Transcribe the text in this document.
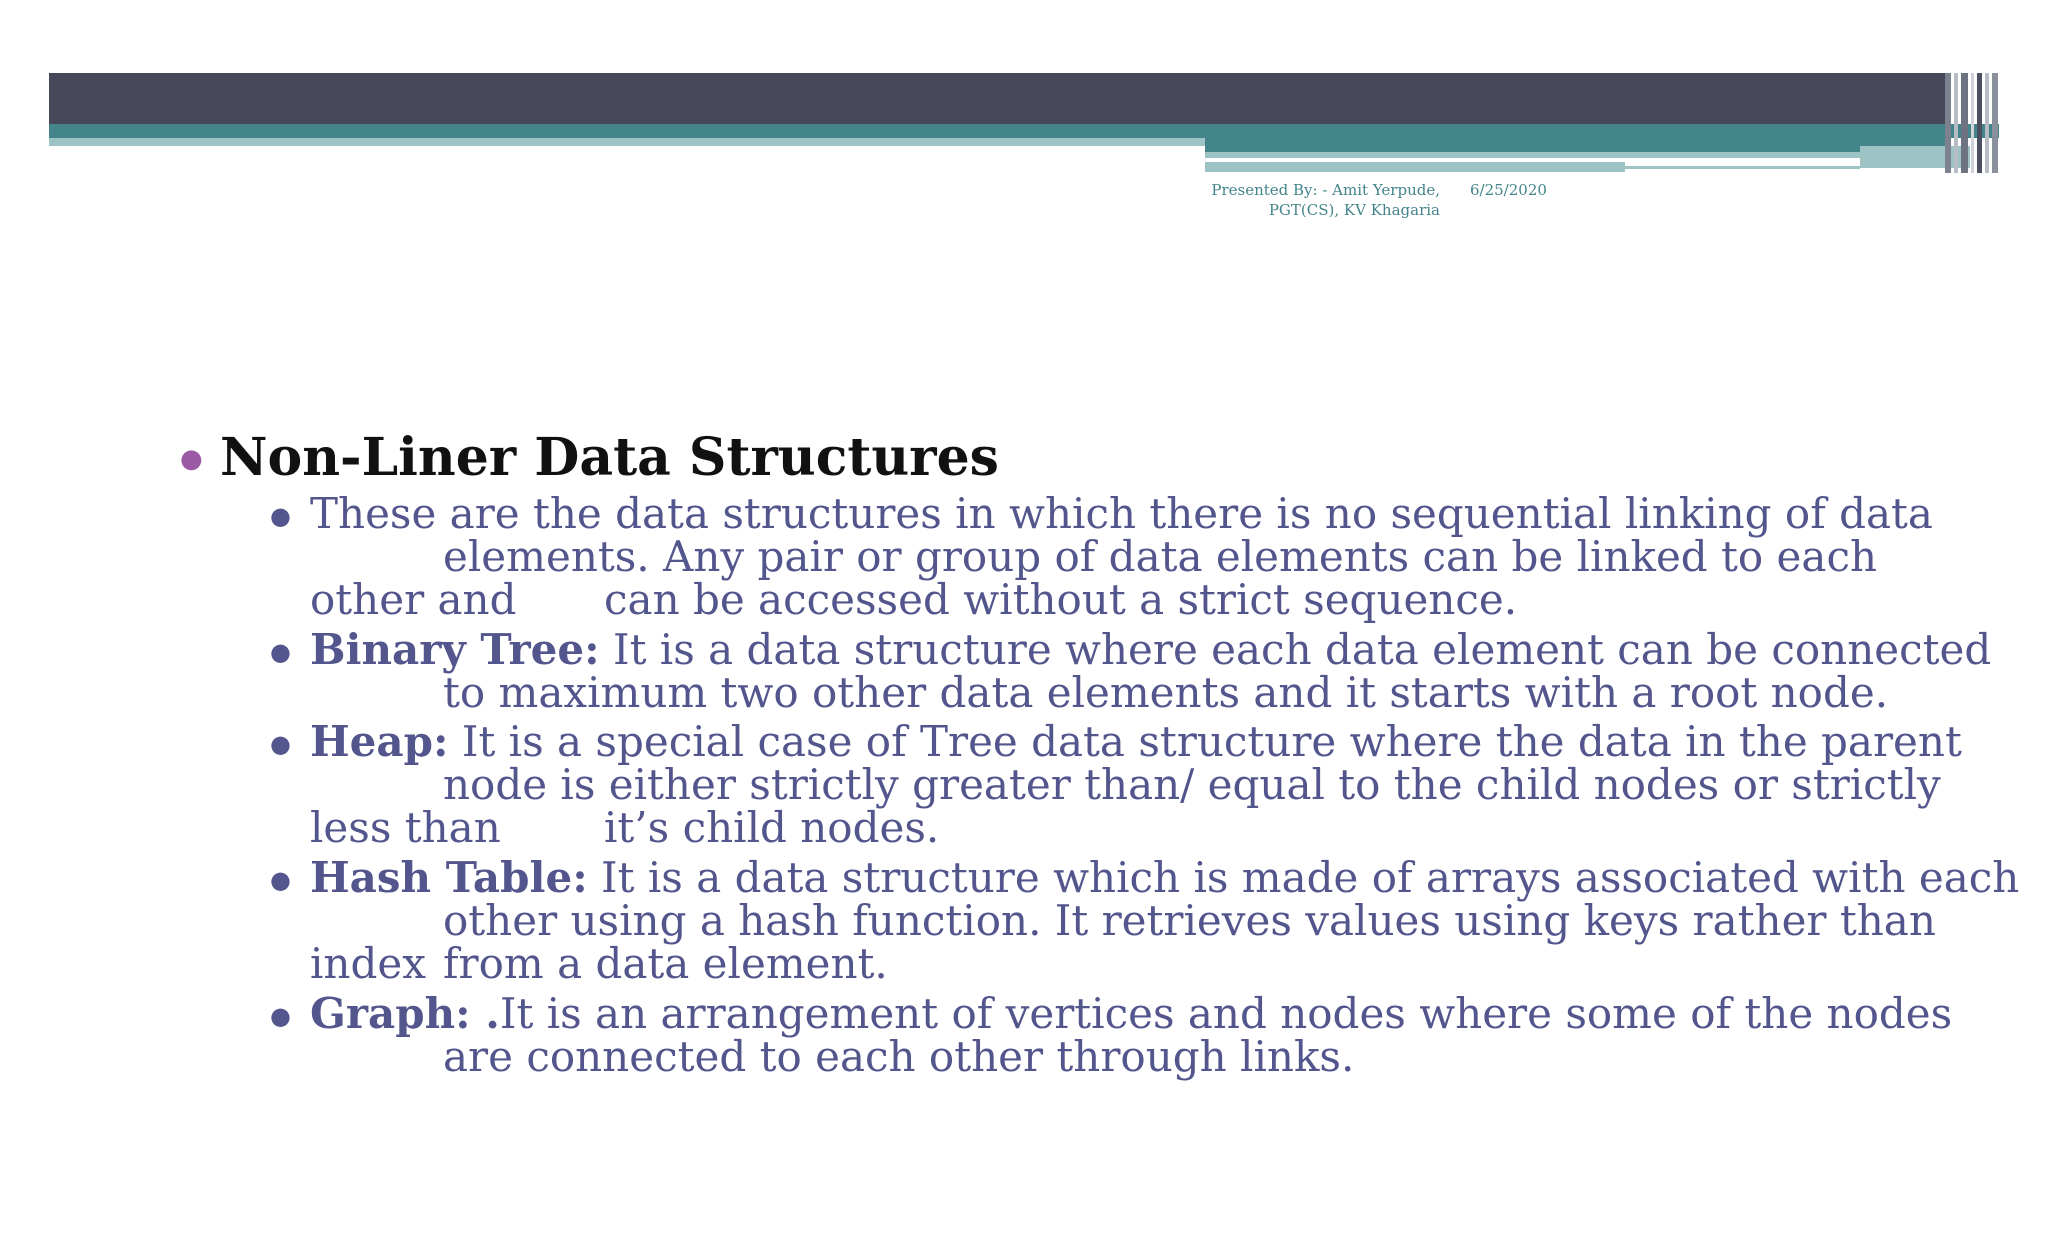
Presented By: - Amit Yerpude,
PGT(CS), KV Khagaria
6/25/2020
● Non-Liner Data Structures
● These are the data structures in which there is no sequential linking of data
elements. Any pair or group of data elements can be linked to each
other and can be accessed without a strict sequence.
● Binary Tree: It is a data structure where each data element can be connected
to maximum two other data elements and it starts with a root node.
● Heap: It is a special case of Tree data structure where the data in the parent
node is either strictly greater than/ equal to the child nodes or strictly
less than it’s child nodes.
● Hash Table: It is a data structure which is made of arrays associated with each
other using a hash function. It retrieves values using keys rather than
index from a data element.
● Graph: .It is an arrangement of vertices and nodes where some of the nodes
are connected to each other through links.
